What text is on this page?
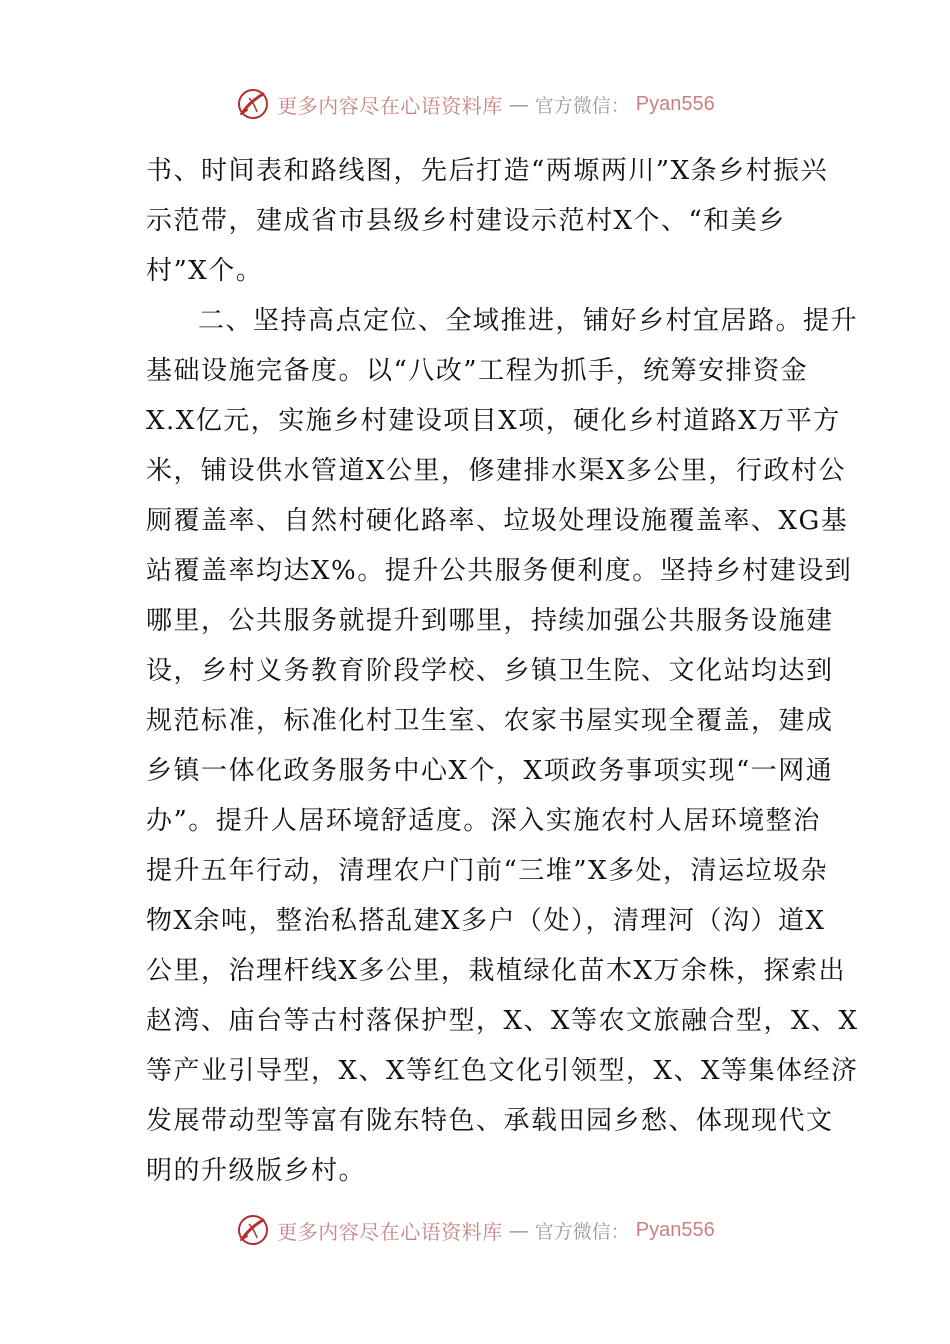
更多内容尽在心语资料库 — 官方微信： Pyan556
书、时间表和路线图，先后打造“两塬两川”X条乡村振兴
示范带，建成省市县级乡村建设示范村X个、“和美乡
村”X个。
二、坚持高点定位、全域推进，铺好乡村宜居路。提升
基础设施完备度。以“八改”工程为抓手，统筹安排资金
X.X亿元，实施乡村建设项目X项，硬化乡村道路X万平方
米，铺设供水管道X公里，修建排水渠X多公里，行政村公
厕覆盖率、自然村硬化路率、垃圾处理设施覆盖率、XG基
站覆盖率均达X%。提升公共服务便利度。坚持乡村建设到
哪里，公共服务就提升到哪里，持续加强公共服务设施建
设，乡村义务教育阶段学校、乡镇卫生院、文化站均达到
规范标准，标准化村卫生室、农家书屋实现全覆盖，建成
乡镇一体化政务服务中心X个，X项政务事项实现“一网通
办”。提升人居环境舒适度。深入实施农村人居环境整治
提升五年行动，清理农户门前“三堆”X多处，清运垃圾杂
物X余吨，整治私搭乱建X多户（处），清理河（沟）道X
公里，治理杆线X多公里，栽植绿化苗木X万余株，探索出
赵湾、庙台等古村落保护型，X、X等农文旅融合型，X、X
等产业引导型，X、X等红色文化引领型，X、X等集体经济
发展带动型等富有陇东特色、承载田园乡愁、体现现代文
明的升级版乡村。
更多内容尽在心语资料库 — 官方微信： Pyan556
